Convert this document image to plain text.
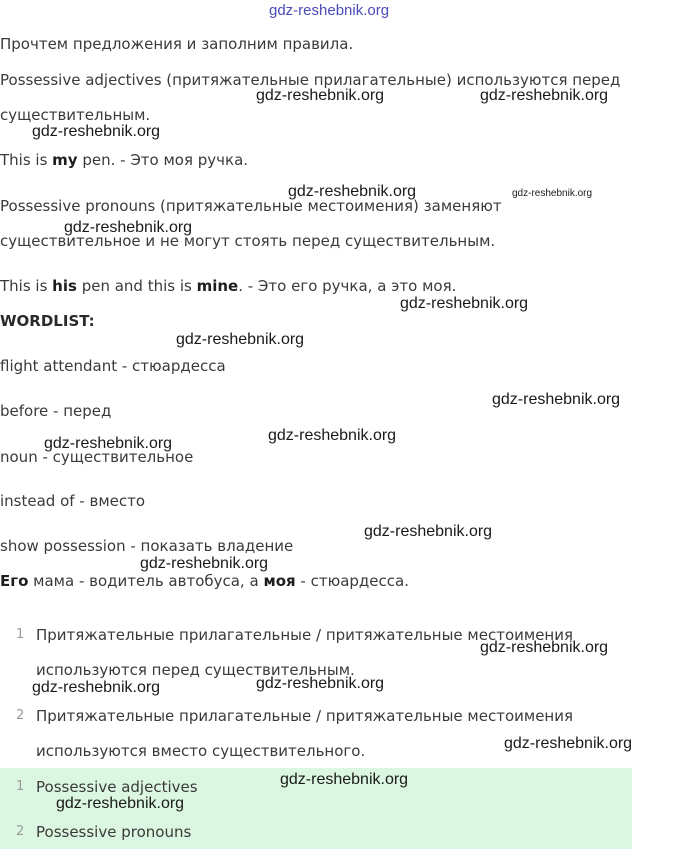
gdz-reshebnik.org
Прочтем предложения и заполним правила.
Possessive adjectives (притяжательные прилагательные) используются перед
gdz-reshebnik.org	gdz-reshebnik.org
существительным.
gdz-reshebnik.org
This is my pen. - Это моя ручка.
gdz-reshebnik.org	gdz-reshebnik.org
Possessive pronouns (притяжательные местоимения) заменяют
gdz-reshebnik.org
существительное и не могут стоять перед существительным.
This is his pen and this is mine. - Это его ручка, а это моя.
gdz-reshebnik.org
WORDLIST:
gdz-reshebnik.org
flight attendant - стюардесса
gdz-reshebnik.org
before - перед
gdz-reshebnik.org
gdz-reshebnik.org
noun - существительное
instead of - вместо
gdz-reshebnik.org
show possession - показать владение
gdz-reshebnik.org
Его мама - водитель автобуса, а моя - стюардесса.
1 Притяжательные прилагательные / притяжательные местоимения
gdz-reshebnik.org
используются перед существительным.
gdz-reshebnik.org
gdz-reshebnik.org
2 Притяжательные прилагательные / притяжательные местоимения
gdz-reshebnik.org
используются вместо существительного.
1 Possessive adjectives	gdz-reshebnik.org
gdz-reshebnik.org
2 Possessive pronouns
